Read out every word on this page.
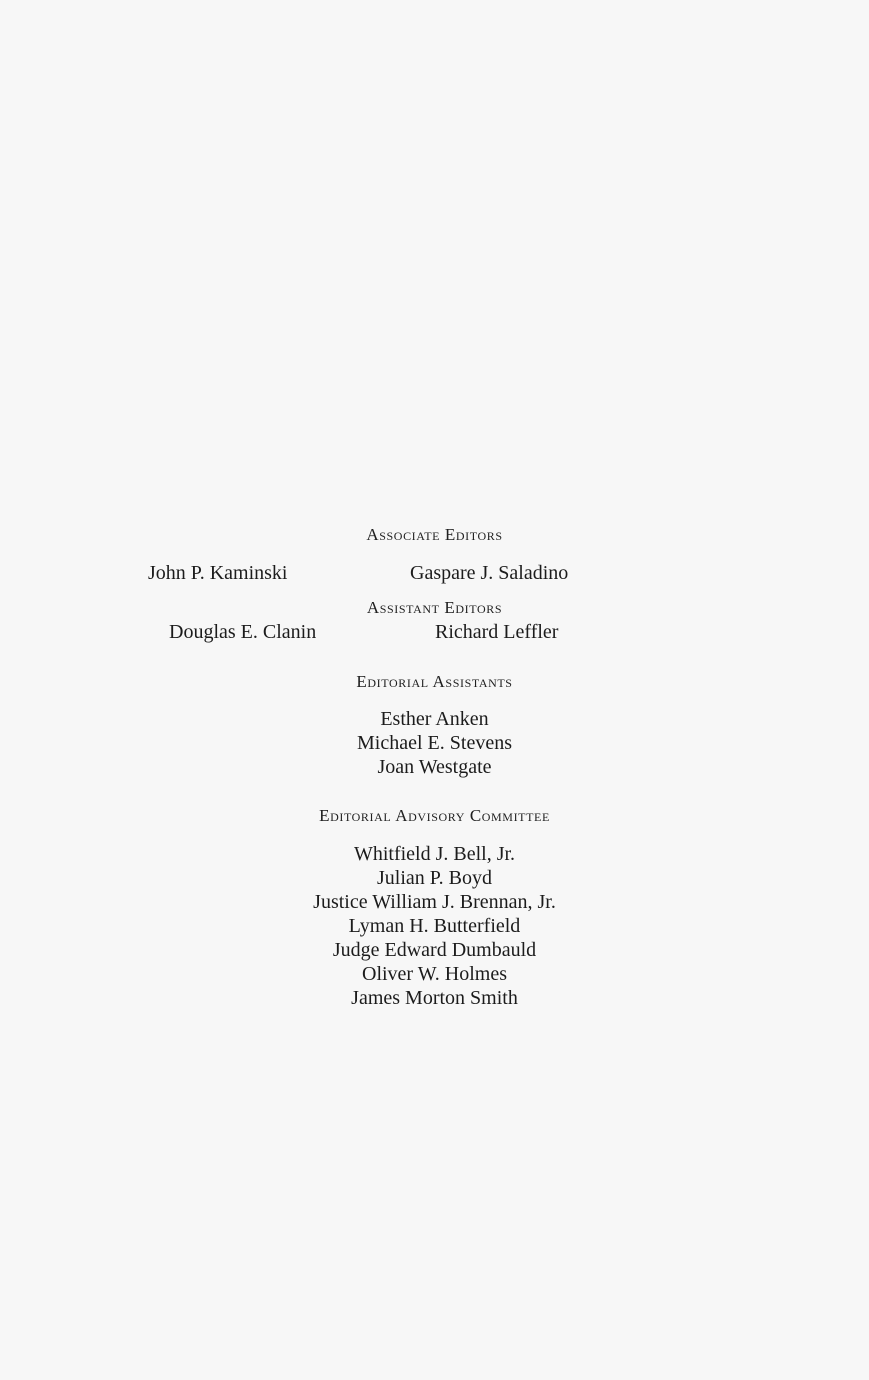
Associate Editors
John P. Kaminski	Gaspare J. Saladino
Assistant Editors
Douglas E. Clanin	Richard Leffler
Editorial Assistants
Esther Anken
Michael E. Stevens
Joan Westgate
Editorial Advisory Committee
Whitfield J. Bell, Jr.
Julian P. Boyd
Justice William J. Brennan, Jr.
Lyman H. Butterfield
Judge Edward Dumbauld
Oliver W. Holmes
James Morton Smith
